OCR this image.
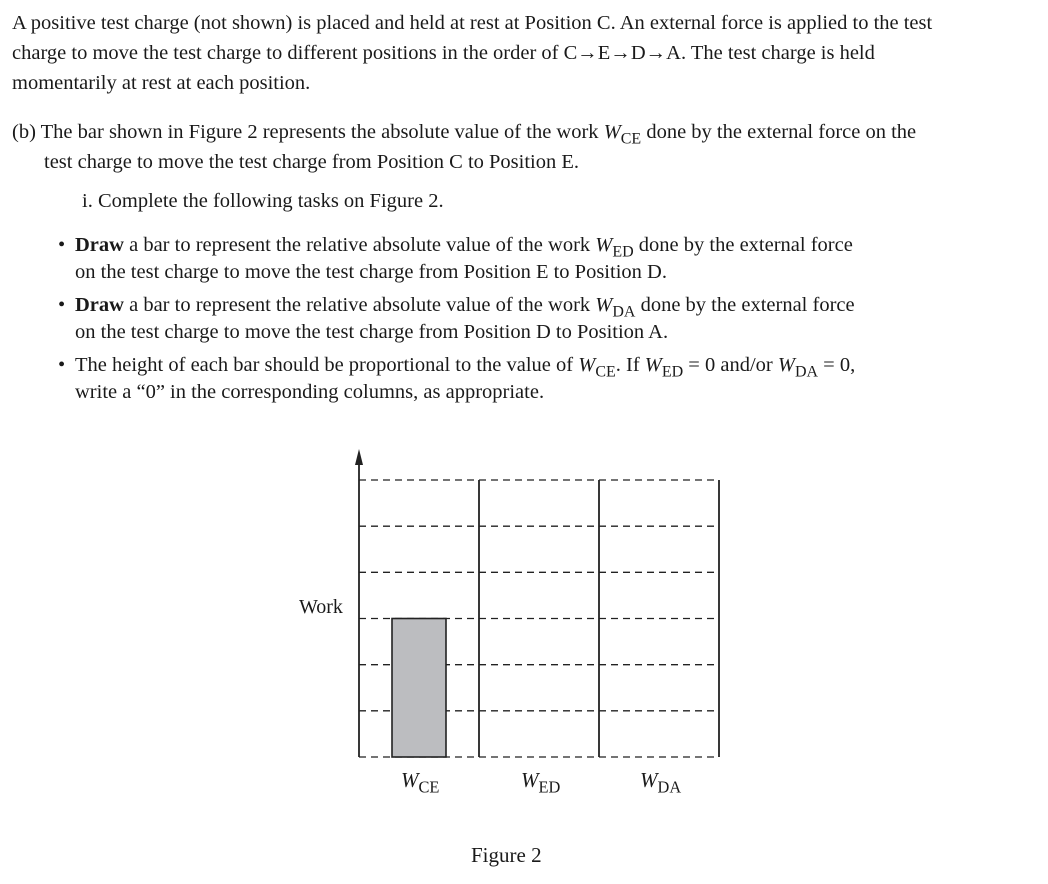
A positive test charge (not shown) is placed and held at rest at Position C. An external force is applied to the test
charge to move the test charge to different positions in the order of C→E→D→A. The test charge is held
momentarily at rest at each position.

(b) The bar shown in Figure 2 represents the absolute value of the work $W_{CE}$ done by the external force on the
test charge to move the test charge from Position C to Position E.

i. Complete the following tasks on Figure 2.

• Draw a bar to represent the relative absolute value of the work $W_{ED}$ done by the external force
on the test charge to move the test charge from Position E to Position D.
• Draw a bar to represent the relative absolute value of the work $W_{DA}$ done by the external force
on the test charge to move the test charge from Position D to Position A.
• The height of each bar should be proportional to the value of $W_{CE}$. If $W_{ED} = 0$ and/or $W_{DA} = 0$,
write a “0” in the corresponding columns, as appropriate.
Work
$W_{CE}$	$W_{ED}$	$W_{DA}$
Figure 2
